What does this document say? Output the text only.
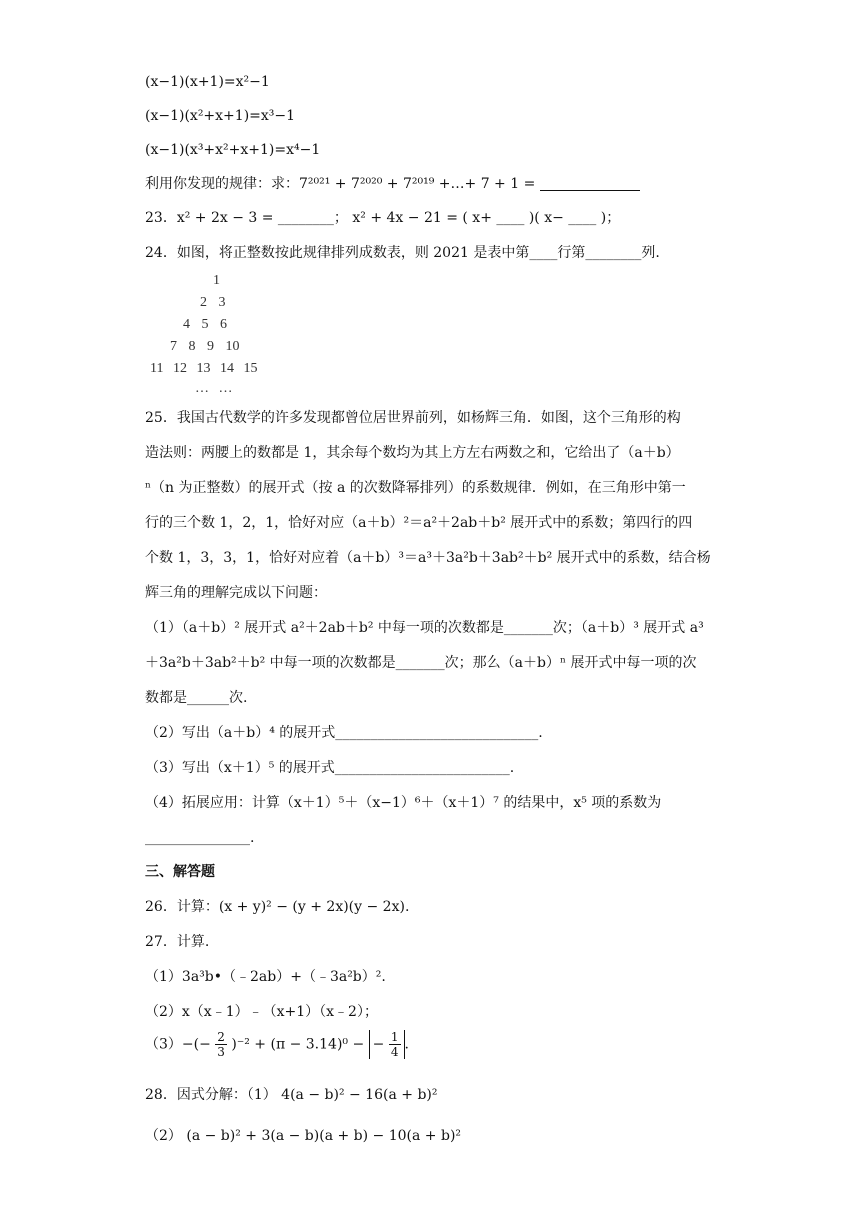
(x−1)(x+1)=x²−1
(x−1)(x²+x+1)=x³−1
(x−1)(x³+x²+x+1)=x⁴−1
利用你发现的规律：求：7²⁰²¹ + 7²⁰²⁰ + 7²⁰¹⁹ +…+ 7 + 1 =
23．x² + 2x − 3 = ________； x² + 4x − 21 = ( x+ ____ )( x− ____ )；
24．如图，将正整数按此规律排列成数表，则 2021 是表中第____行第________列.
1
2 3
4 5 6
7 8 9 10
11 12 13 14 15
… …
25．我国古代数学的许多发现都曾位居世界前列，如杨辉三角．如图，这个三角形的构
造法则：两腰上的数都是 1，其余每个数均为其上方左右两数之和，它给出了（a＋b）
ⁿ（n 为正整数）的展开式（按 a 的次数降幂排列）的系数规律．例如，在三角形中第一
行的三个数 1，2，1，恰好对应（a＋b）²＝a²＋2ab＋b² 展开式中的系数；第四行的四
个数 1，3，3，1，恰好对应着（a＋b）³＝a³＋3a²b＋3ab²＋b² 展开式中的系数，结合杨
辉三角的理解完成以下问题：
（1）（a＋b）² 展开式 a²＋2ab＋b² 中每一项的次数都是_______次；（a＋b）³ 展开式 a³
＋3a²b＋3ab²＋b² 中每一项的次数都是_______次；那么（a＋b）ⁿ 展开式中每一项的次
数都是______次.
（2）写出（a＋b）⁴ 的展开式_____________________________.
（3）写出（x＋1）⁵ 的展开式_________________________.
（4）拓展应用：计算（x＋1）⁵＋（x−1）⁶＋（x＋1）⁷ 的结果中，x⁵ 项的系数为
_______________.
三、解答题
26．计算：(x + y)² − (y + 2x)(y − 2x).
27．计算.
（1）3a³b•（﹣2ab）+（﹣3a²b）².
（2）x（x﹣1）﹣（x+1）（x﹣2）；
$(3)-(- \frac{2}{3} )^{-2} + (\pi - 3.14)^0$ − − $\frac{1}{4}$ .
28．因式分解：（1） 4(a − b)² − 16(a + b)²
（2） (a − b)² + 3(a − b)(a + b) − 10(a + b)²
